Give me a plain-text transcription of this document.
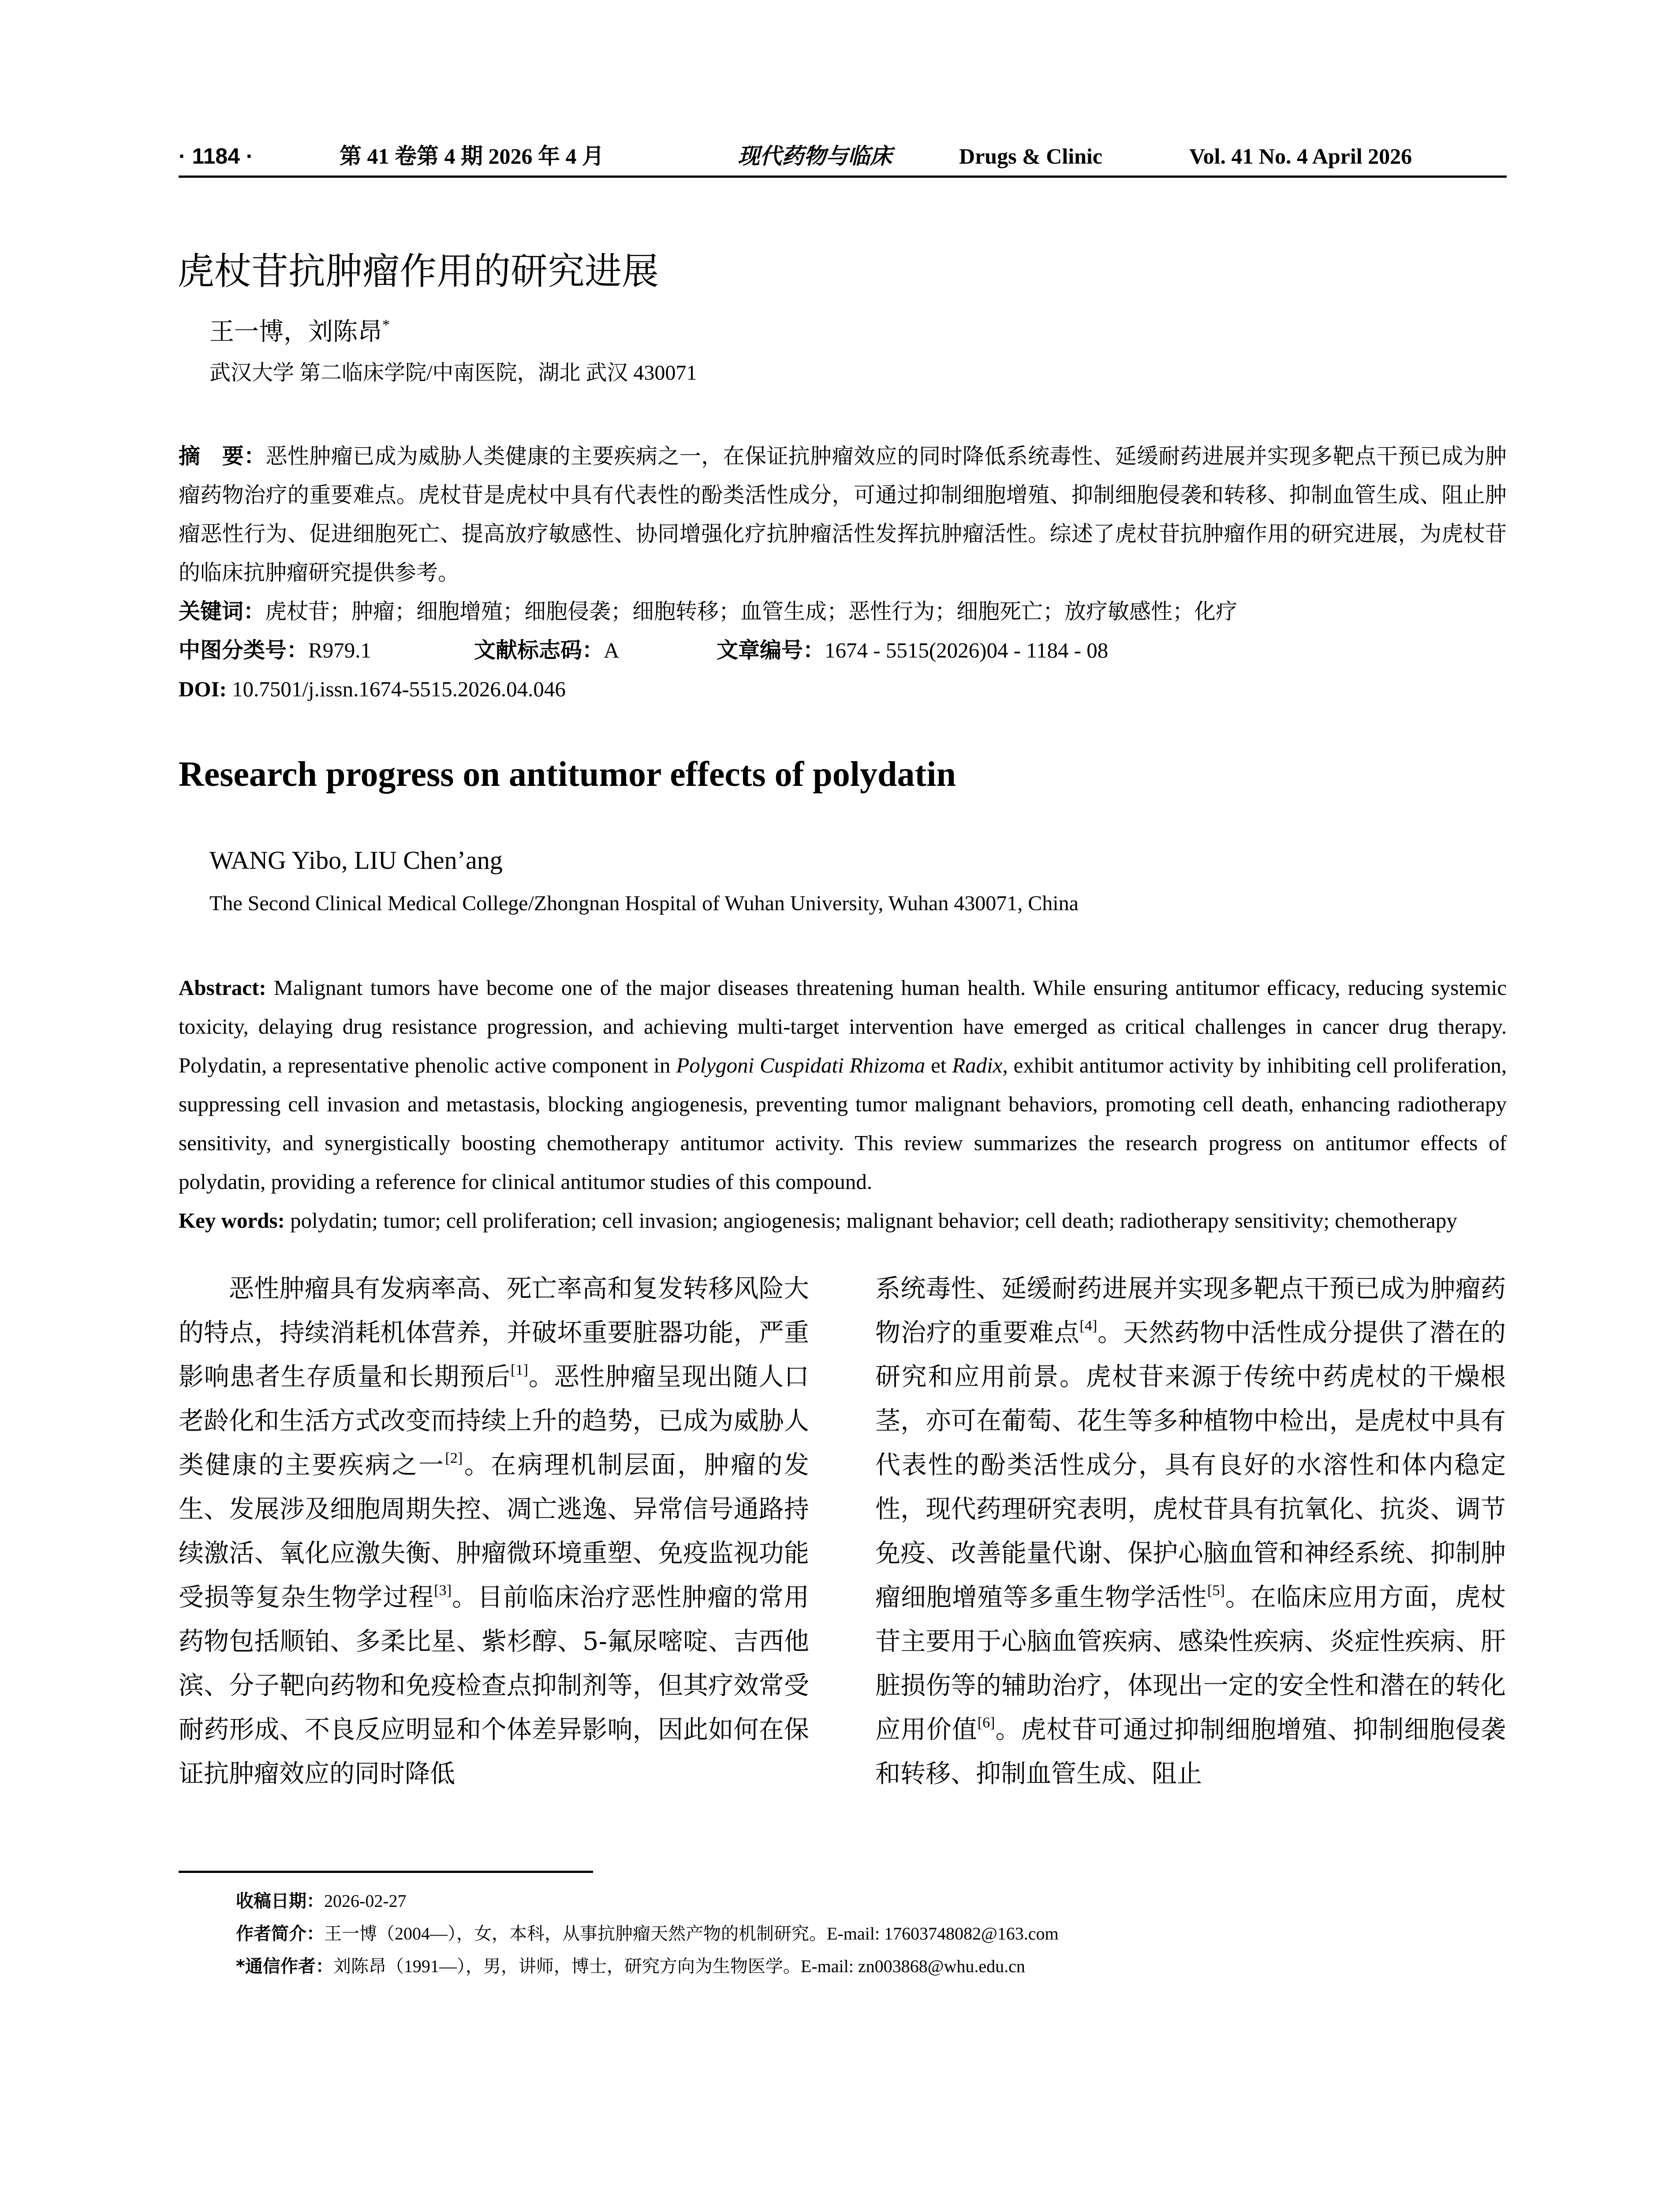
· 1184 ·	第 41 卷第 4 期 2026 年 4 月	现代药物与临床	Drugs & Clinic	Vol. 41 No. 4 April 2026
虎杖苷抗肿瘤作用的研究进展
王一博，刘陈昂*
武汉大学 第二临床学院/中南医院，湖北 武汉 430071
摘　要：恶性肿瘤已成为威胁人类健康的主要疾病之一，在保证抗肿瘤效应的同时降低系统毒性、延缓耐药进展并实现多靶点干预已成为肿瘤药物治疗的重要难点。虎杖苷是虎杖中具有代表性的酚类活性成分，可通过抑制细胞增殖、抑制细胞侵袭和转移、抑制血管生成、阻止肿瘤恶性行为、促进细胞死亡、提高放疗敏感性、协同增强化疗抗肿瘤活性发挥抗肿瘤活性。综述了虎杖苷抗肿瘤作用的研究进展，为虎杖苷的临床抗肿瘤研究提供参考。
关键词：虎杖苷；肿瘤；细胞增殖；细胞侵袭；细胞转移；血管生成；恶性行为；细胞死亡；放疗敏感性；化疗
中图分类号：R979.1	文献标志码：A	文章编号：1674 - 5515(2026)04 - 1184 - 08
DOI: 10.7501/j.issn.1674-5515.2026.04.046
Research progress on antitumor effects of polydatin
WANG Yibo, LIU Chen’ang
The Second Clinical Medical College/Zhongnan Hospital of Wuhan University, Wuhan 430071, China
Abstract: Malignant tumors have become one of the major diseases threatening human health. While ensuring antitumor efficacy, reducing systemic toxicity, delaying drug resistance progression, and achieving multi-target intervention have emerged as critical challenges in cancer drug therapy. Polydatin, a representative phenolic active component in Polygoni Cuspidati Rhizoma et Radix, exhibit antitumor activity by inhibiting cell proliferation, suppressing cell invasion and metastasis, blocking angiogenesis, preventing tumor malignant behaviors, promoting cell death, enhancing radiotherapy sensitivity, and synergistically boosting chemotherapy antitumor activity. This review summarizes the research progress on antitumor effects of polydatin, providing a reference for clinical antitumor studies of this compound.
Key words: polydatin; tumor; cell proliferation; cell invasion; angiogenesis; malignant behavior; cell death; radiotherapy sensitivity; chemotherapy
恶性肿瘤具有发病率高、死亡率高和复发转移风险大的特点，持续消耗机体营养，并破坏重要脏器功能，严重影响患者生存质量和长期预后[1]。恶性肿瘤呈现出随人口老龄化和生活方式改变而持续上升的趋势，已成为威胁人类健康的主要疾病之一[2]。在病理机制层面，肿瘤的发生、发展涉及细胞周期失控、凋亡逃逸、异常信号通路持续激活、氧化应激失衡、肿瘤微环境重塑、免疫监视功能受损等复杂生物学过程[3]。目前临床治疗恶性肿瘤的常用药物包括顺铂、多柔比星、紫杉醇、5-氟尿嘧啶、吉西他滨、分子靶向药物和免疫检查点抑制剂等，但其疗效常受耐药形成、不良反应明显和个体差异影响，因此如何在保证抗肿瘤效应的同时降低
系统毒性、延缓耐药进展并实现多靶点干预已成为肿瘤药物治疗的重要难点[4]。天然药物中活性成分提供了潜在的研究和应用前景。虎杖苷来源于传统中药虎杖的干燥根茎，亦可在葡萄、花生等多种植物中检出，是虎杖中具有代表性的酚类活性成分，具有良好的水溶性和体内稳定性，现代药理研究表明，虎杖苷具有抗氧化、抗炎、调节免疫、改善能量代谢、保护心脑血管和神经系统、抑制肿瘤细胞增殖等多重生物学活性[5]。在临床应用方面，虎杖苷主要用于心脑血管疾病、感染性疾病、炎症性疾病、肝脏损伤等的辅助治疗，体现出一定的安全性和潜在的转化应用价值[6]。虎杖苷可通过抑制细胞增殖、抑制细胞侵袭和转移、抑制血管生成、阻止
收稿日期：2026-02-27
作者简介：王一博（2004—），女，本科，从事抗肿瘤天然产物的机制研究。E-mail: 17603748082@163.com
*通信作者：刘陈昂（1991—），男，讲师，博士，研究方向为生物医学。E-mail: zn003868@whu.edu.cn
